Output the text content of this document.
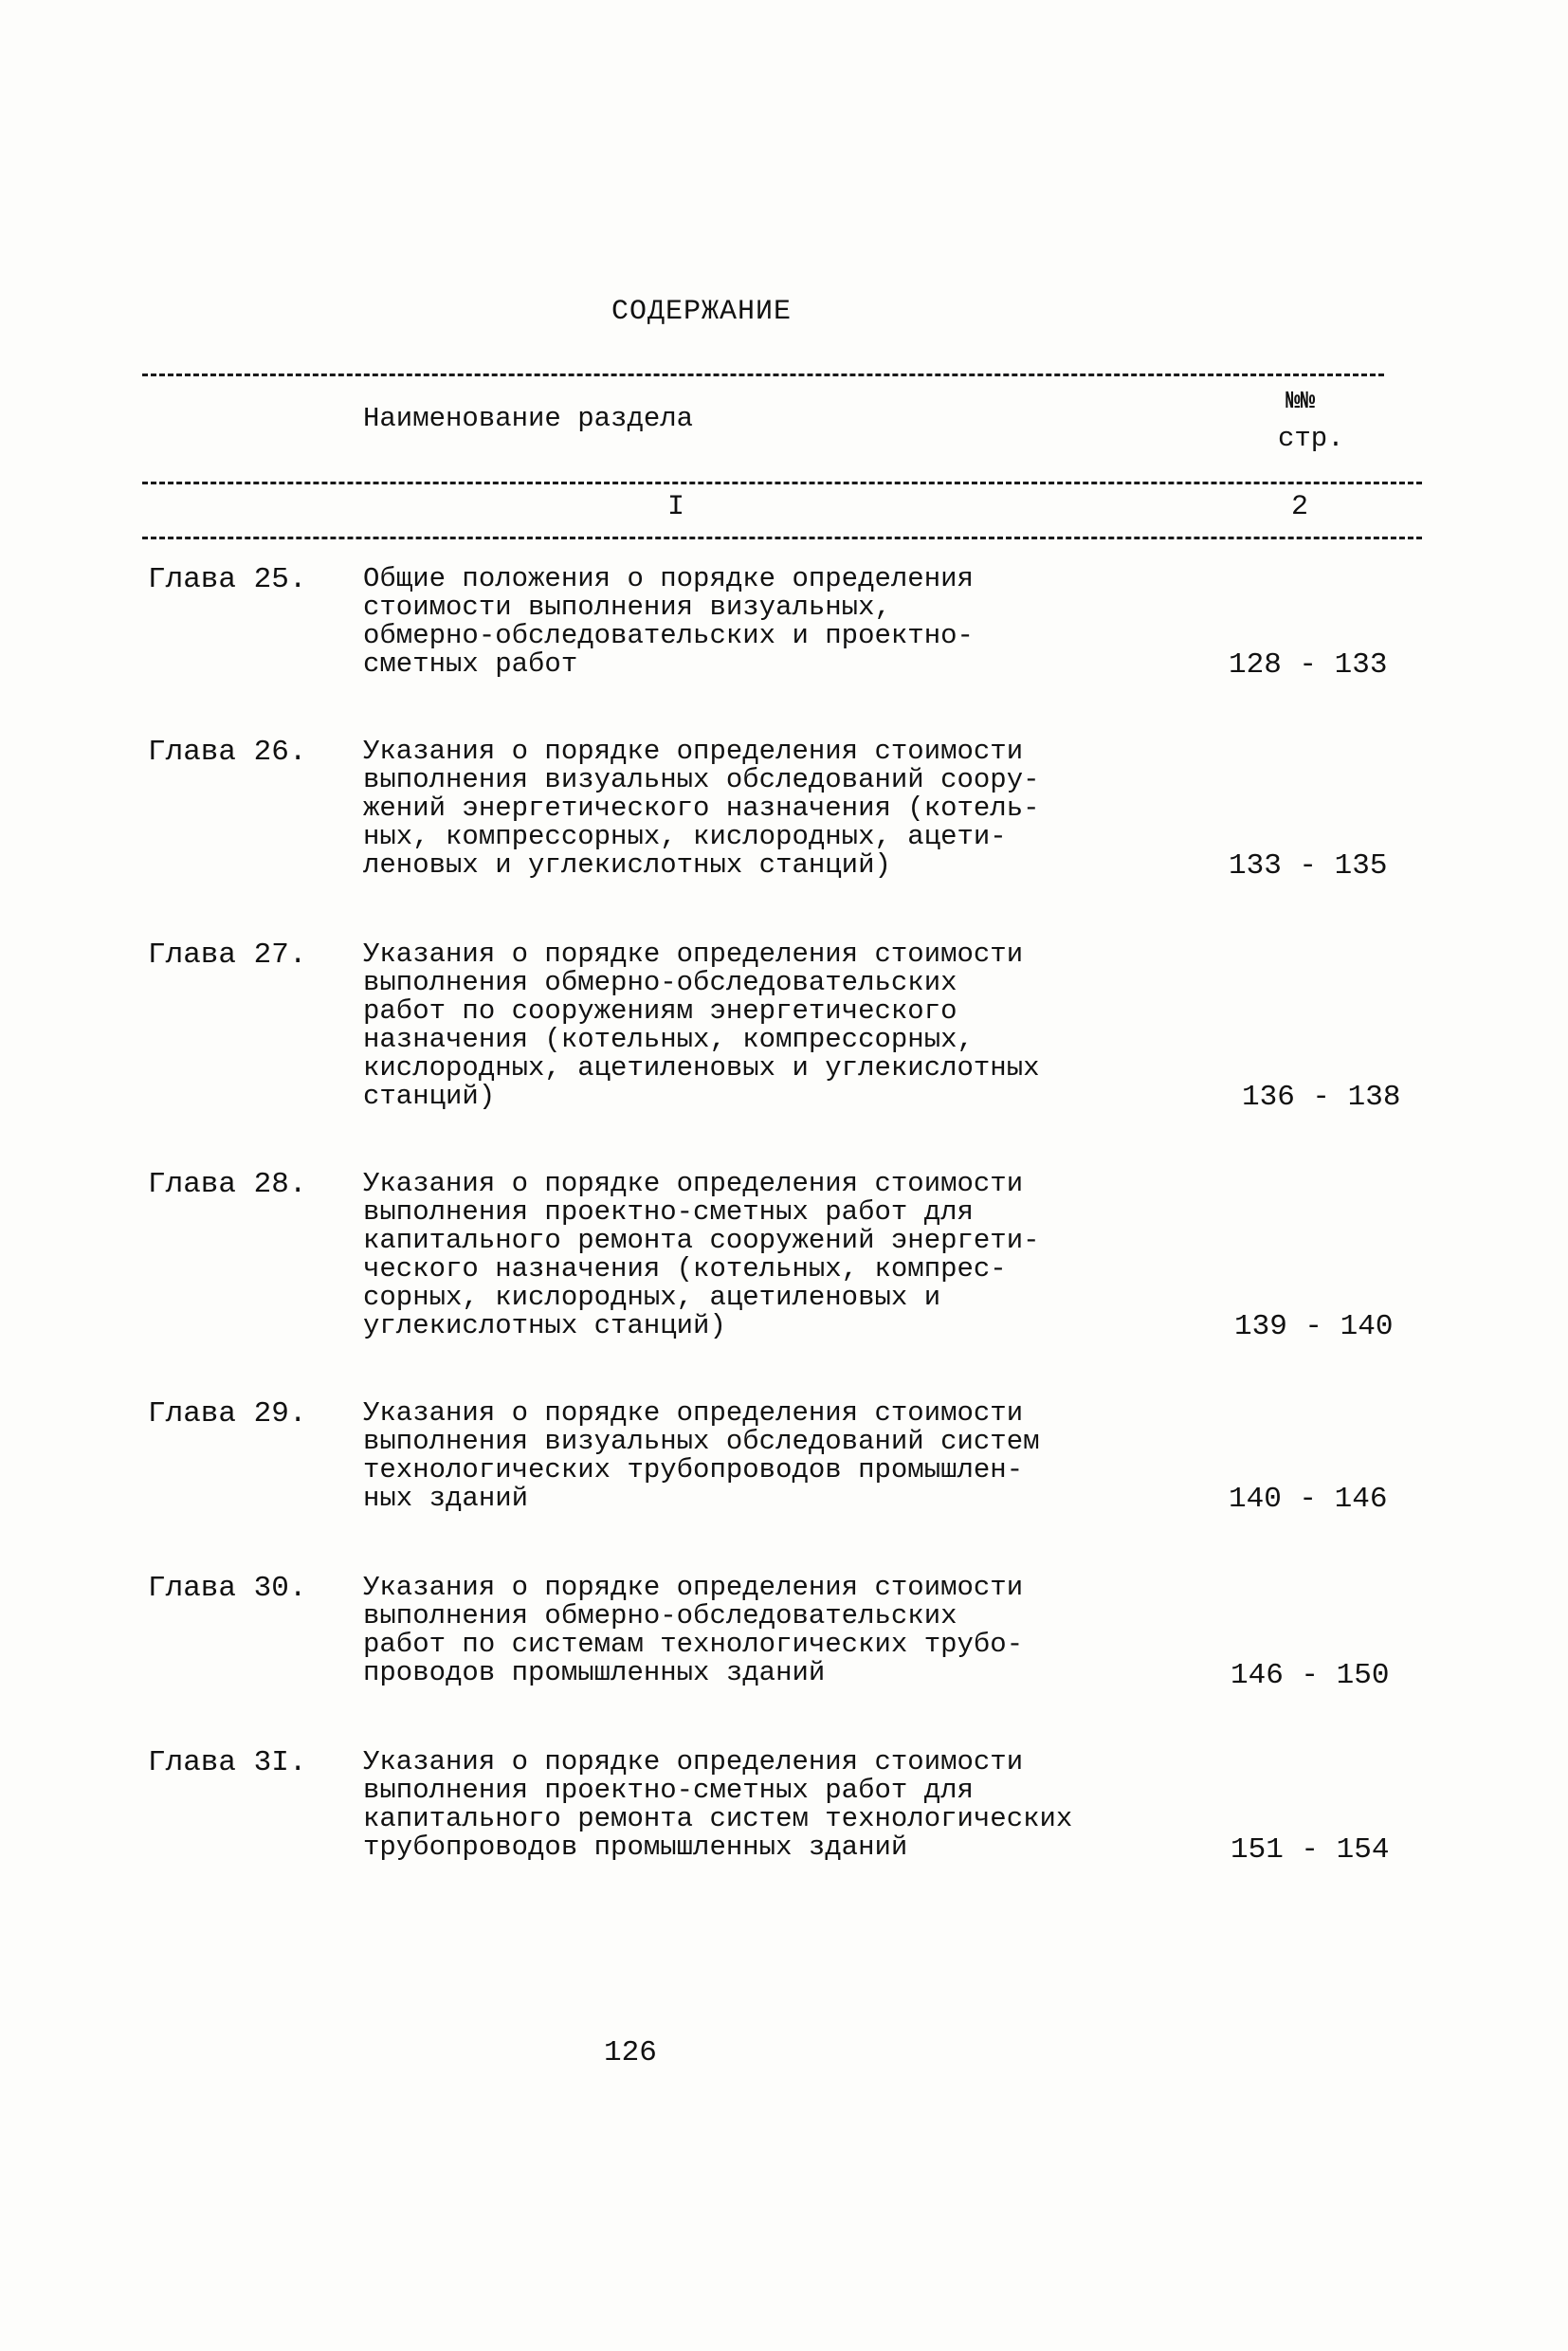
СОДЕРЖАНИЕ
Наименование раздела
№№
стр.
I	2
Глава 25. Общие положения о порядке определения
стоимости выполнения визуальных,
обмерно-обследовательских и проектно-
сметных работ	128 - 133
Глава 26. Указания о порядке определения стоимости
выполнения визуальных обследований соору-
жений энергетического назначения (котель-
ных, компрессорных, кислородных, ацети-
леновых и углекислотных станций)	133 - 135
Глава 27. Указания о порядке определения стоимости
выполнения обмерно-обследовательских
работ по сооружениям энергетического
назначения (котельных, компрессорных,
кислородных, ацетиленовых и углекислотных
станций)	136 - 138
Глава 28. Указания о порядке определения стоимости
выполнения проектно-сметных работ для
капитального ремонта сооружений энергети-
ческого назначения (котельных, компрес-
сорных, кислородных, ацетиленовых и
углекислотных станций)	139 - 140
Глава 29. Указания о порядке определения стоимости
выполнения визуальных обследований систем
технологических трубопроводов промышлен-
ных зданий	140 - 146
Глава 30. Указания о порядке определения стоимости
выполнения обмерно-обследовательских
работ по системам технологических трубо-
проводов промышленных зданий	146 - 150
Глава 3I. Указания о порядке определения стоимости
выполнения проектно-сметных работ для
капитального ремонта систем технологических
трубопроводов промышленных зданий	151 - 154
126
